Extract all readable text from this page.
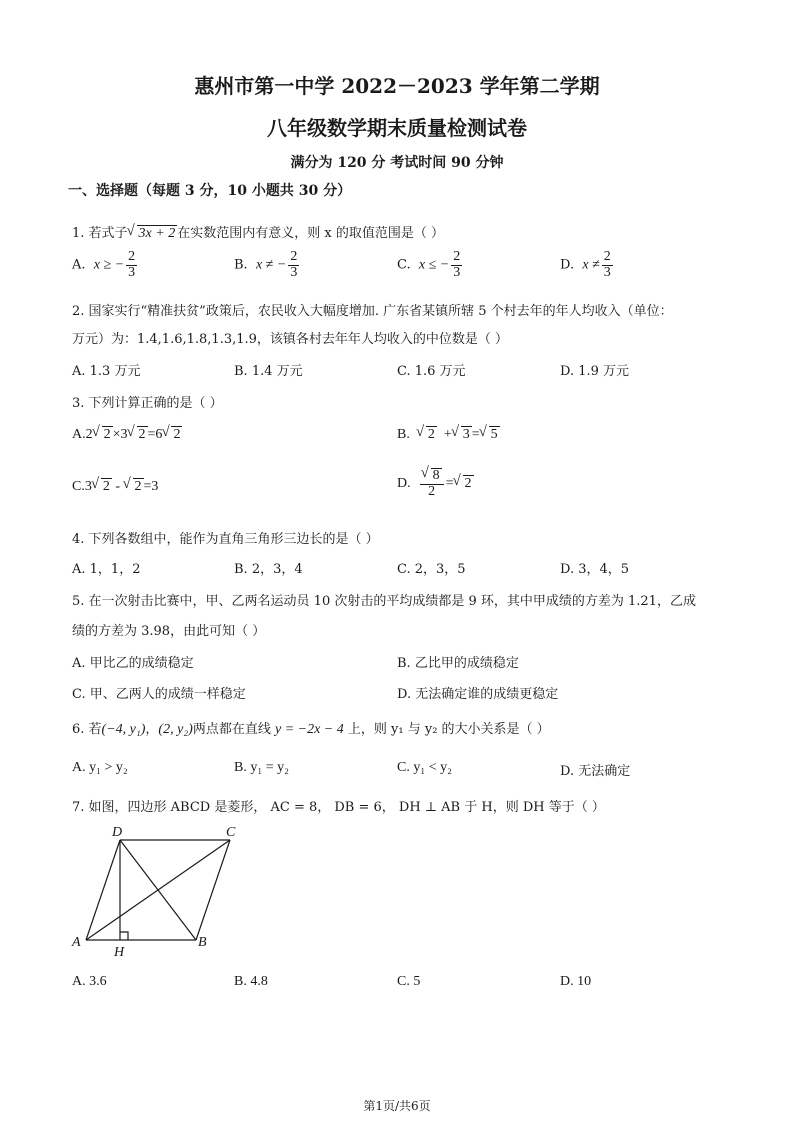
惠州市第一中学 2022－2023 学年第二学期
八年级数学期末质量检测试卷
满分为 120 分 考试时间 90 分钟
一、选择题（每题 3 分，10 小题共 30 分）
1. 若式子 √ 3x + 2 在实数范围内有意义，则 x 的取值范围是（ ）
A. x ≥ − $\frac{2}{3}$	B. x ≠ − $\frac{2}{3}$	C. x ≤ − $\frac{2}{3}$	D. $x \ne \frac{2}{3}$
2. 国家实行“精准扶贫”政策后，农民收入大幅度增加. 广东省某镇所辖 5 个村去年的年人均收入（单位：
万元）为：1.4,1.6,1.8,1.3,1.9，该镇各村去年年人均收入的中位数是（ ）
A. 1.3 万元	B. 1.4 万元	C. 1.6 万元	D. 1.9 万元
3. 下列计算正确的是（ ）
A.2 √ 2 ×3 √ 2 =6 √ 2	B. √ 2 + √ 3 = √ 5
C.3 √ 2 - √ 2 =3	D. √ $\frac{8}{2}$ = √ 2
4. 下列各数组中，能作为直角三角形三边长的是（ ）
A. 1，1，2	B. 2，3，4	C. 2，3，5	D. 3，4，5
5. 在一次射击比赛中，甲、乙两名运动员 10 次射击的平均成绩都是 9 环，其中甲成绩的方差为 1.21，乙成
绩的方差为 3.98，由此可知（ ）
A. 甲比乙的成绩稳定	B. 乙比甲的成绩稳定
C. 甲、乙两人的成绩一样稳定	D. 无法确定谁的成绩更稳定
6. 若(−4, y₁)，(2, y₂)两点都在直线 y = −2x − 4 上，则 y₁ 与 y₂ 的大小关系是（ ）
A. y₁ > y₂	B. y₁ = y₂	C. y₁ < y₂	D. 无法确定
7. 如图，四边形 ABCD 是菱形， AC = 8， DB = 6， DH ⊥ AB 于 H，则 DH 等于（ ）
D	C
A	B
H
A. 3.6	B. 4.8	C. 5	D. 10
第1页/共6页
